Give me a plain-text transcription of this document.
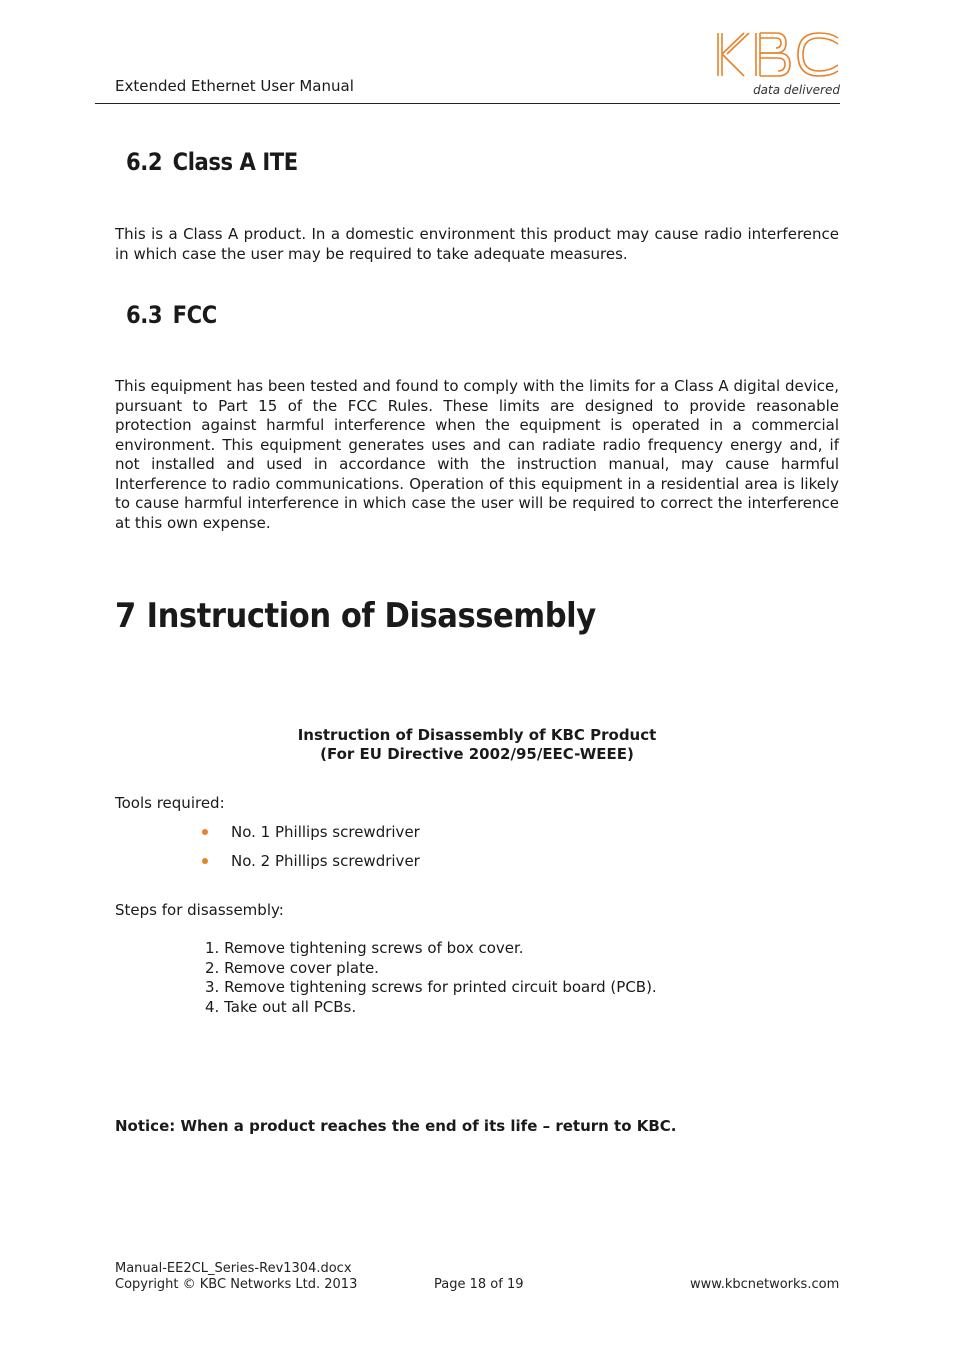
Extended Ethernet User Manual	data delivered
6.2 Class A ITE
This is a Class A product. In a domestic environment this product may cause radio interference in which case the user may be required to take adequate measures.
6.3 FCC
This equipment has been tested and found to comply with the limits for a Class A digital device, pursuant to Part 15 of the FCC Rules. These limits are designed to provide reasonable protection against harmful interference when the equipment is operated in a commercial environment. This equipment generates uses and can radiate radio frequency energy and, if not installed and used in accordance with the instruction manual, may cause harmful Interference to radio communications. Operation of this equipment in a residential area is likely to cause harmful interference in which case the user will be required to correct the interference at this own expense.
7 Instruction of Disassembly
Instruction of Disassembly of KBC Product
(For EU Directive 2002/95/EEC-WEEE)
Tools required:
No. 1 Phillips screwdriver
No. 2 Phillips screwdriver
Steps for disassembly:
1. Remove tightening screws of box cover.
2. Remove cover plate.
3. Remove tightening screws for printed circuit board (PCB).
4. Take out all PCBs.
Notice: When a product reaches the end of its life – return to KBC.
Manual-EE2CL_Series-Rev1304.docx
Copyright © KBC Networks Ltd. 2013	Page 18 of 19	www.kbcnetworks.com
